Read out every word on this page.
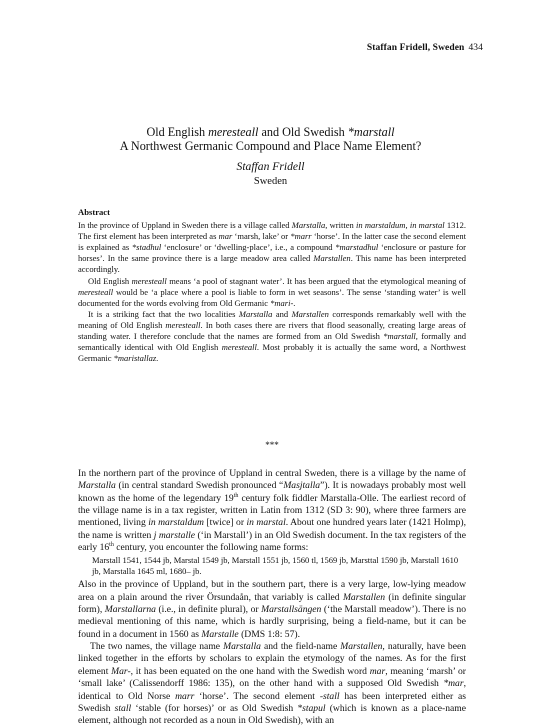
Staffan Fridell, Sweden 434
Old English meresteall and Old Swedish *marstall
A Northwest Germanic Compound and Place Name Element?
Staffan Fridell
Sweden
Abstract

In the province of Uppland in Sweden there is a village called Marstalla, written in marstaldum, in marstal 1312. The first element has been interpreted as mar ‘marsh, lake’ or *marr ‘horse’. In the latter case the second element is explained as *stadhul ‘enclosure’ or ‘dwelling-place’, i.e., a compound *marstadhul ‘enclosure or pasture for horses’. In the same province there is a large meadow area called Marstallen. This name has been interpreted accordingly.

Old English meresteall means ‘a pool of stagnant water’. It has been argued that the etymological meaning of meresteall would be ‘a place where a pool is liable to form in wet seasons’. The sense ‘standing water’ is well documented for the words evolving from Old Germanic *mari-.

It is a striking fact that the two localities Marstalla and Marstallen corresponds remarkably well with the meaning of Old English meresteall. In both cases there are rivers that flood seasonally, creating large areas of standing water. I therefore conclude that the names are formed from an Old Swedish *marstall, formally and semantically identical with Old English meresteall. Most probably it is actually the same word, a Northwest Germanic *maristallaz.

***

In the northern part of the province of Uppland in central Sweden, there is a village by the name of Marstalla (in central standard Swedish pronounced “Masjtalla”). It is nowadays probably most well known as the home of the legendary 19th century folk fiddler Marstalla-Olle. The earliest record of the village name is in a tax register, written in Latin from 1312 (SD 3: 90), where three farmers are mentioned, living in marstaldum [twice] or in marstal. About one hundred years later (1421 Holmp), the name is written j marstalle (‘in Marstall’) in an Old Swedish document. In the tax registers of the early 16th century, you encounter the following name forms:

Marstall 1541, 1544 jb, Marstal 1549 jb, Marstall 1551 jb, 1560 tl, 1569 jb, Marsttal 1590 jb, Marstall 1610 jb, Marstalla 1645 ml, 1680– jb.

Also in the province of Uppland, but in the southern part, there is a very large, low-lying meadow area on a plain around the river Örsundaån, that variably is called Marstallen (in definite singular form), Marstallarna (i.e., in definite plural), or Marstallsängen (‘the Marstall meadow’). There is no medieval mentioning of this name, which is hardly surprising, being a field-name, but it can be found in a document in 1560 as Marstalle (DMS 1:8: 57).

The two names, the village name Marstalla and the field-name Marstallen, naturally, have been linked together in the efforts by scholars to explain the etymology of the names. As for the first element Mar-, it has been equated on the one hand with the Swedish word mar, meaning ‘marsh’ or ‘small lake’ (Calissendorff 1986: 135), on the other hand with a supposed Old Swedish *mar, identical to Old Norse marr ‘horse’. The second element -stall has been interpreted either as Swedish stall ‘stable (for horses)’ or as Old Swedish *stapul (which is known as a place-name element, although not recorded as a noun in Old Swedish), with an
